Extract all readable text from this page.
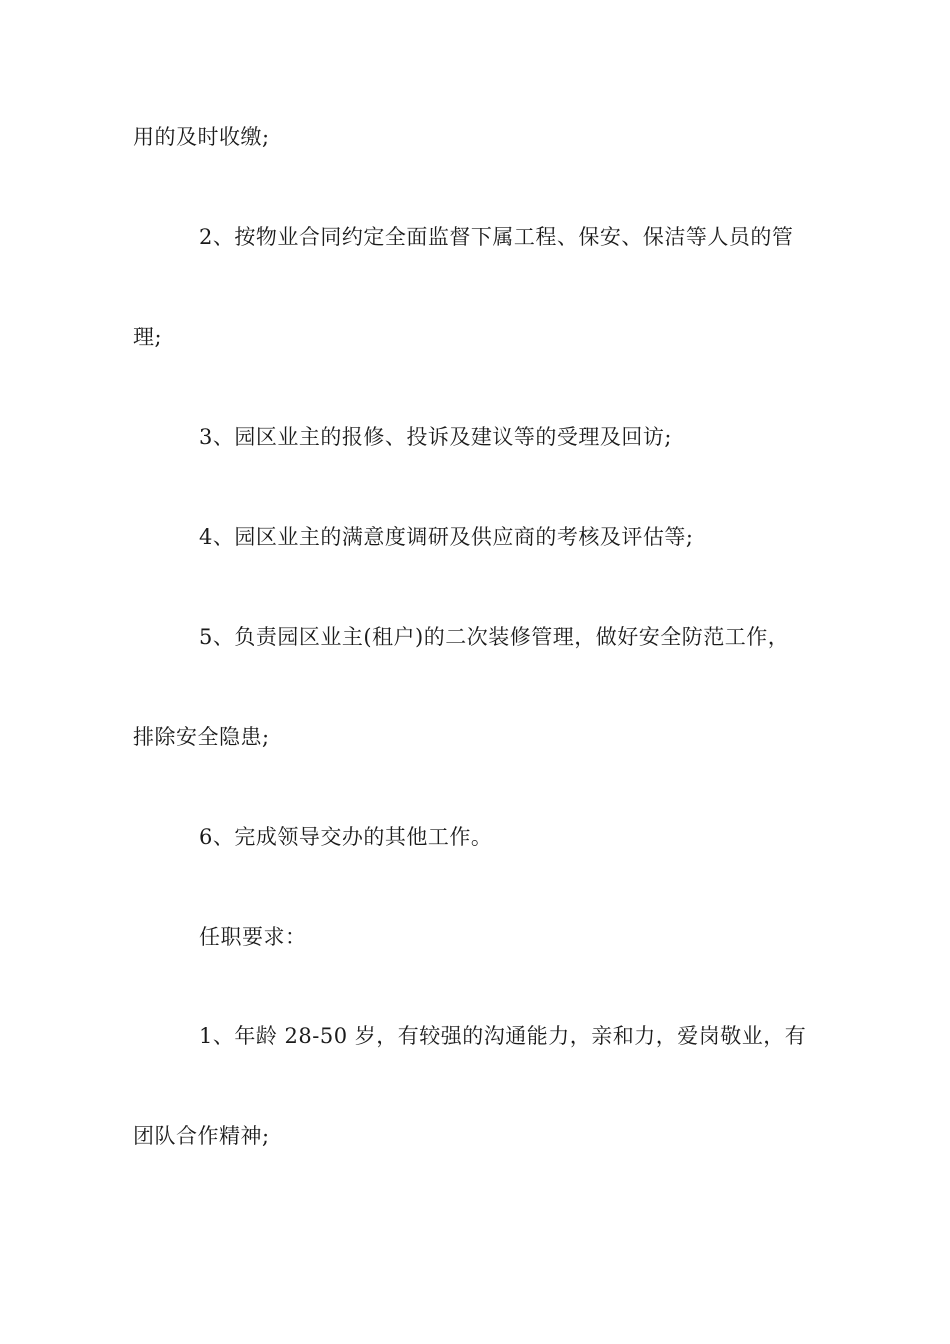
用的及时收缴;
2、按物业合同约定全面监督下属工程、保安、保洁等人员的管
理;
3、园区业主的报修、投诉及建议等的受理及回访;
4、园区业主的满意度调研及供应商的考核及评估等;
5、负责园区业主(租户)的二次装修管理，做好安全防范工作，
排除安全隐患;
6、完成领导交办的其他工作。
任职要求：
1、年龄 28-50 岁，有较强的沟通能力，亲和力，爱岗敬业，有
团队合作精神;
